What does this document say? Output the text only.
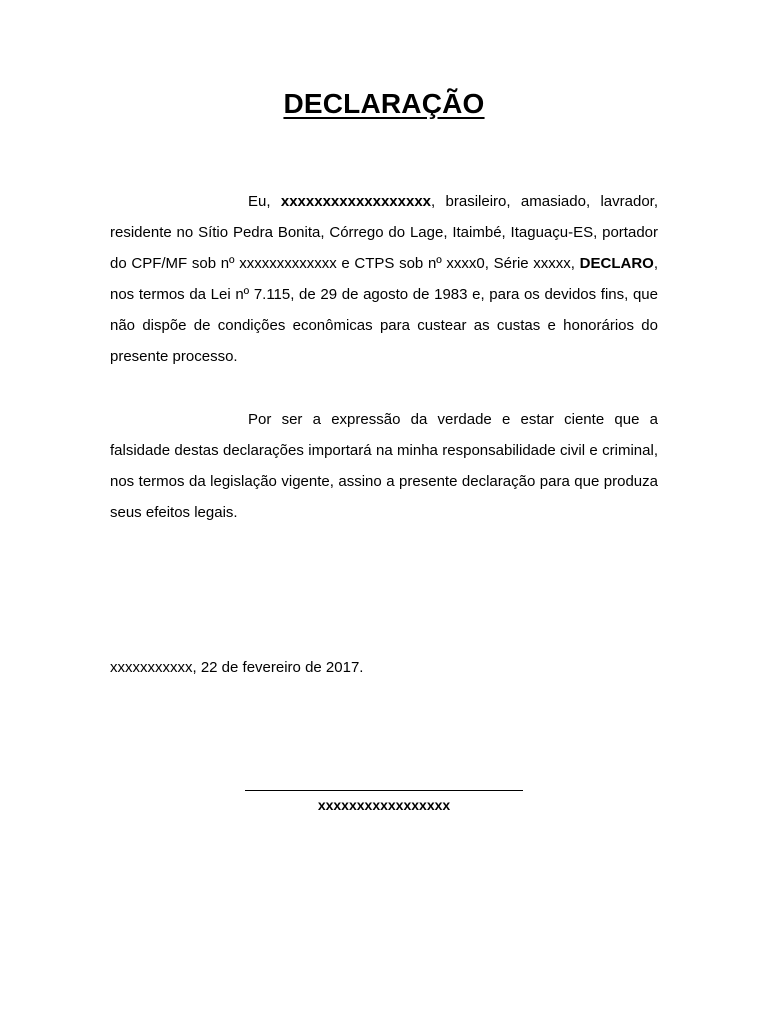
DECLARAÇÃO
Eu, xxxxxxxxxxxxxxxxxx, brasileiro, amasiado, lavrador, residente no Sítio Pedra Bonita, Córrego do Lage, Itaimbé, Itaguaçu-ES, portador do CPF/MF sob nº xxxxxxxxxxxxx e CTPS sob nº xxxx0, Série xxxxx, DECLARO, nos termos da Lei nº 7.115, de 29 de agosto de 1983 e, para os devidos fins, que não dispõe de condições econômicas para custear as custas e honorários do presente processo.
Por ser a expressão da verdade e estar ciente que a falsidade destas declarações importará na minha responsabilidade civil e criminal, nos termos da legislação vigente, assino a presente declaração para que produza seus efeitos legais.
xxxxxxxxxxx, 22 de fevereiro de 2017.
xxxxxxxxxxxxxxxxx
